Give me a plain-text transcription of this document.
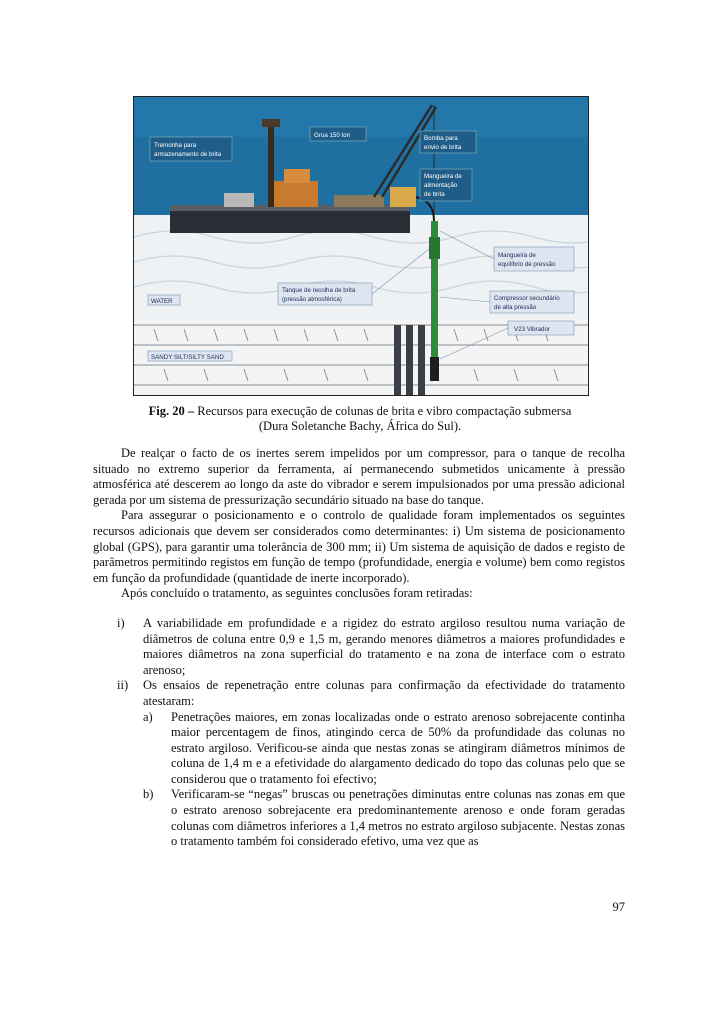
Tremonha para
armazenamento de brita
Grua 150 ton	Bomba para
envio de brita
Mangueira de
alimentação
de brita
Mangueira de
equilíbrio de pressão
Tanque de recolha de brita
(pressão atmosférica)	Compressor secundário
de alta pressão
V23 Vibrador
WATER
SANDY SILT/SILTY SAND
Fig. 20 – Recursos para execução de colunas de brita e vibro compactação submersa
(Dura Soletanche Bachy, África do Sul).

De realçar o facto de os inertes serem impelidos por um compressor, para o tanque de recolha situado no extremo superior da ferramenta, aí permanecendo submetidos unicamente à pressão atmosférica até descerem ao longo da aste do vibrador e serem impulsionados por uma pressão adicional gerada por um sistema de pressurização secundário situado na base do tanque.

Para assegurar o posicionamento e o controlo de qualidade foram implementados os seguintes recursos adicionais que devem ser considerados como determinantes: i) Um sistema de posicionamento global (GPS), para garantir uma tolerância de 300 mm; ii) Um sistema de aquisição de dados e registo de parâmetros permitindo registos em função de tempo (profundidade, energia e volume) bem como registos em função da profundidade (quantidade de inerte incorporado).

Após concluído o tratamento, as seguintes conclusões foram retiradas:

i) A variabilidade em profundidade e a rigidez do estrato argiloso resultou numa variação de diâmetros de coluna entre 0,9 e 1,5 m, gerando menores diâmetros a maiores profundidades e maiores diâmetros na zona superficial do tratamento e na zona de interface com o estrato arenoso;
ii) Os ensaios de repenetração entre colunas para confirmação da efectividade do tratamento atestaram:
a) Penetrações maiores, em zonas localizadas onde o estrato arenoso sobrejacente continha maior percentagem de finos, atingindo cerca de 50% da profundidade das colunas no estrato argiloso. Verificou-se ainda que nestas zonas se atingiram diâmetros mínimos de coluna de 1,4 m e a efetividade do alargamento dedicado do topo das colunas pelo que se considerou que o tratamento foi efectivo;
b) Verificaram-se “negas” bruscas ou penetrações diminutas entre colunas nas zonas em que o estrato arenoso sobrejacente era predominantemente arenoso e onde foram geradas colunas com diâmetros inferiores a 1,4 metros no estrato argiloso subjacente. Nestas zonas o tratamento também foi considerado efetivo, uma vez que as
97
